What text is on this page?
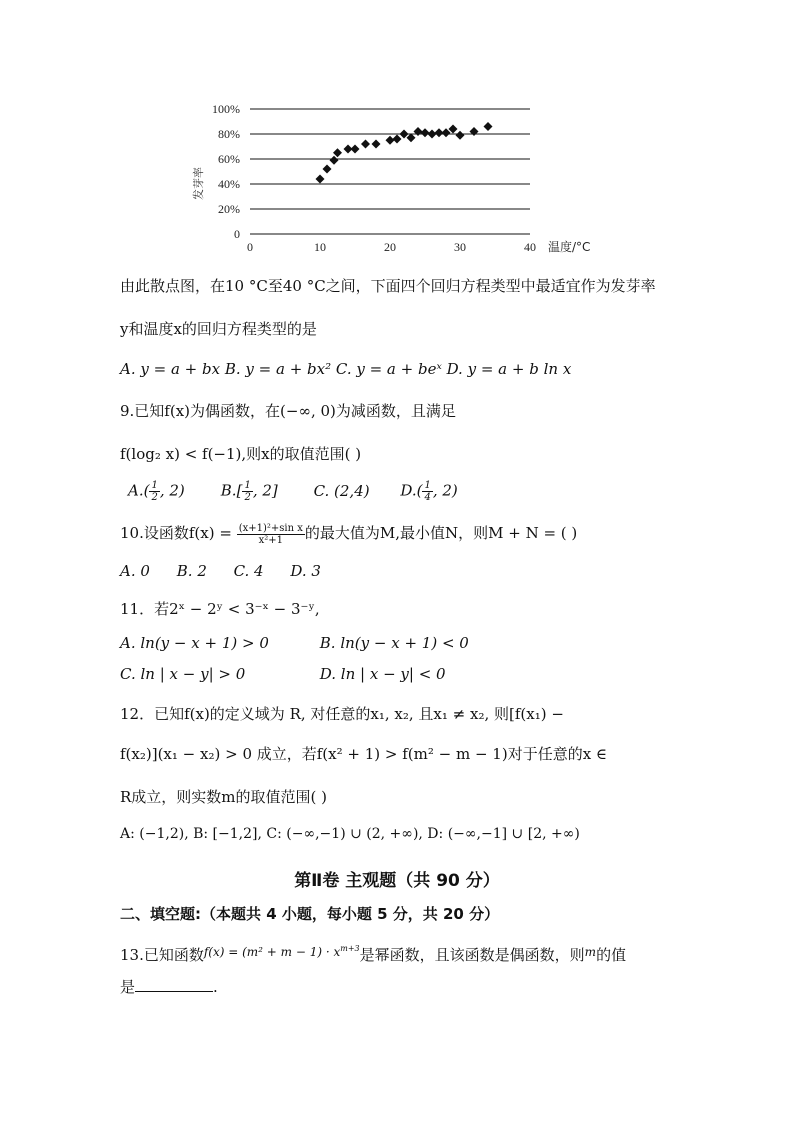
0
20%
40%
60%
80%
100%
0	10	20	30	40 温度/°C
发芽率
由此散点图，在10 °C至40 °C之间，下面四个回归方程类型中最适宜作为发芽率
y和温度x的回归方程类型的是
A. y = a + bx B. y = a + bx² C. y = a + beˣ D. y = a + b ln x
9.已知f(x)为偶函数，在(−∞, 0)为减函数，且满足
f(log₂ x) < f(−1),则x的取值范围( )
$A.( \frac{1}{2}$ , 2) $B.[ \frac{1}{2}$ , 2] C. (2,4) $D.( \frac{1}{4}$ , 2)
10.设函数$f(x) = \frac{\text{(x+1)²+sin x}}{\text{x²+1}}$ 的最大值为M,最小值N，则M + N = ( )
A. 0 B. 2 C. 4 D. 3
11．若2ˣ − 2ʸ < 3⁻ˣ − 3⁻ʸ,
A. ln(y − x + 1) > 0	B. ln(y − x + 1) < 0
C. ln | x − y| > 0	D. ln | x − y| < 0
12．已知f(x)的定义域为 R, 对任意的x₁, x₂, 且x₁ ≠ x₂, 则[f(x₁) −
f(x₂)](x₁ − x₂) > 0 成立，若f(x² + 1) > f(m² − m − 1)对于任意的x ∈
R成立，则实数m的取值范围( )
A: (−1,2), B: [−1,2], C: (−∞,−1) ∪ (2, +∞), D: (−∞,−1] ∪ [2, +∞)
第Ⅱ卷 主观题（共 90 分）
二、填空题:（本题共 4 小题，每小题 5 分，共 20 分）
13.已知函数$^{f(x) = (m^2 + m - 1) \cdot x^{m+3}}$是幂函数，且该函数是偶函数，则$^m$的值
是	.
